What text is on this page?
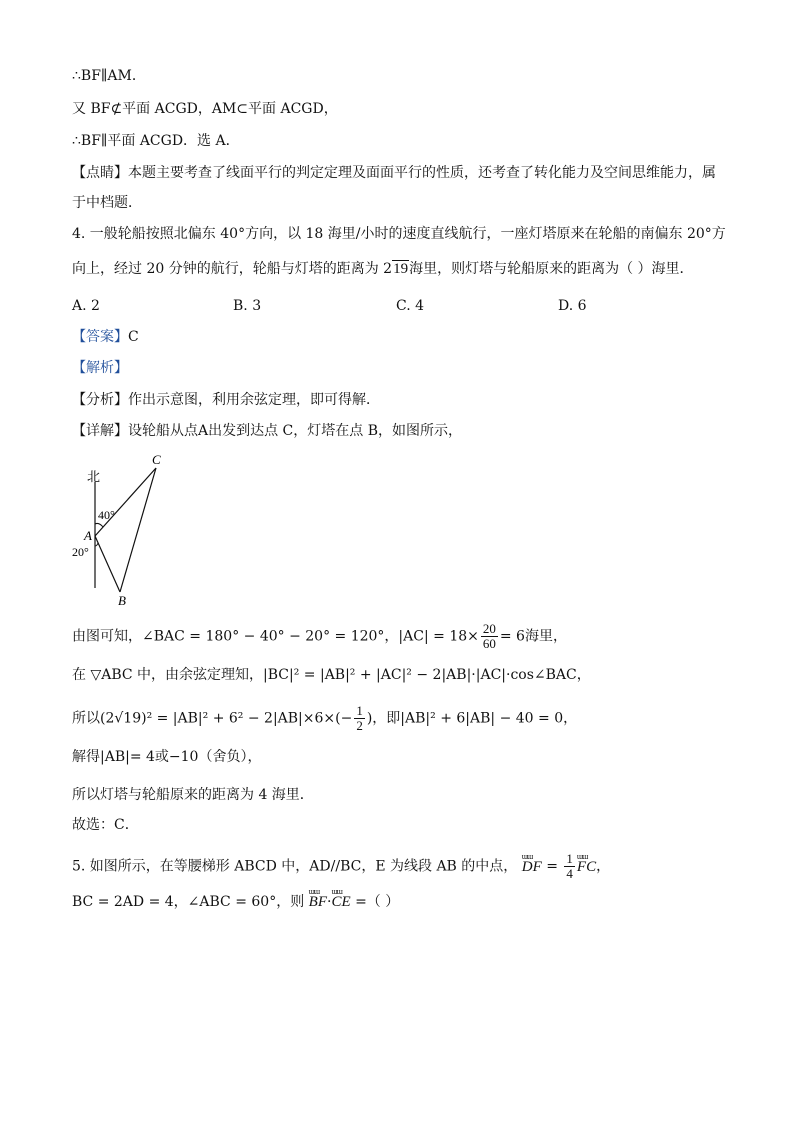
∴BF∥AM．
又 BF⊄平面 ACGD，AM⊂平面 ACGD，
∴BF∥平面 ACGD．选 A．
【点睛】本题主要考查了线面平行的判定定理及面面平行的性质，还考查了转化能力及空间思维能力，属
于中档题．
4. 一般轮船按照北偏东 40°方向，以 18 海里/小时的速度直线航行，一座灯塔原来在轮船的南偏东 20°方
向上，经过 20 分钟的航行，轮船与灯塔的距离为 219海里，则灯塔与轮船原来的距离为（ ）海里．
A. 2	B. 3	C. 4	D. 6
【答案】C
【解析】
【分析】作出示意图，利用余弦定理，即可得解．
【详解】设轮船从点A出发到达点 C，灯塔在点 B，如图所示，
北
C
40°
A
20°
B
由图可知，∠BAC = 180° − 40° − 20° = 120°，$|AC| = 18\times \frac{20}{60} = 6$海里，
在 ▽ABC 中，由余弦定理知，|BC|² = |AB|² + |AC|² − 2|AB|·|AC|·cos∠BAC，
所以$(2√19)^2 = |AB|^2 + 6^2 - 2|AB|\times 6\times(- \frac{1}{2}$ )，即|AB|² + 6|AB| − 40 = 0，
解得|AB|= 4或−10（舍负），
所以灯塔与轮船原来的距离为 4 海里．
故选：C．
5. 如图所示，在等腰梯形 ABCD 中，AD//BC，E 为线段 AB 的中点，
ɯɯ
DF = $\frac{1}{4}$ ɯɯ
FC，
BC = 2AD = 4，∠ABC = 60°，则
ɯɯ
BF·
ɯɯ
CE =（ ）
